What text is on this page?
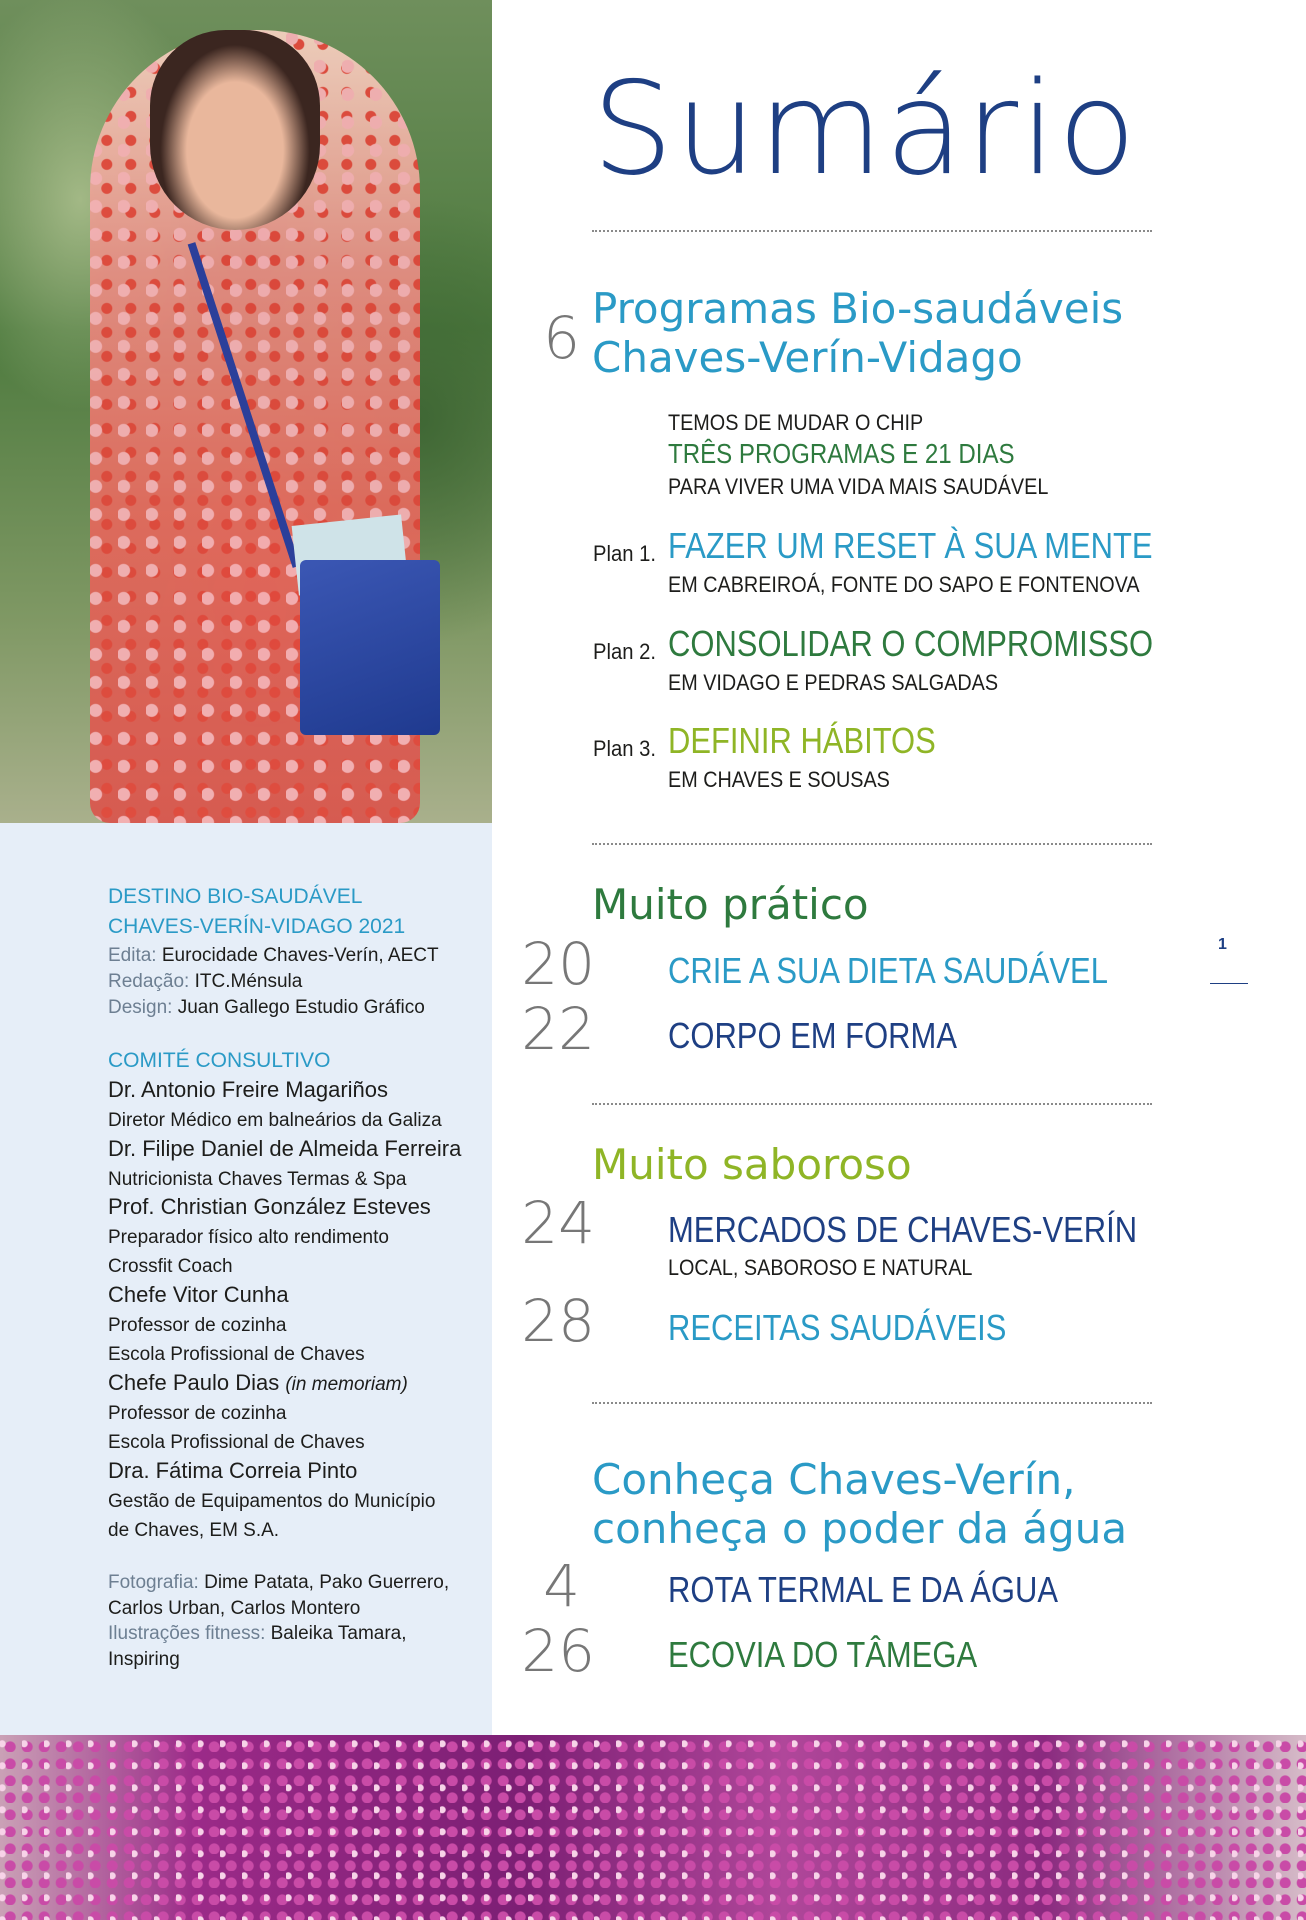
DESTINO BIO-SAUDÁVEL
CHAVES-VERÍN-VIDAGO 2021
Edita: Eurocidade Chaves-Verín, AECT
Redação: ITC.Ménsula
Design: Juan Gallego Estudio Gráfico
COMITÉ CONSULTIVO
Dr. Antonio Freire Magariños
Diretor Médico em balneários da Galiza
Dr. Filipe Daniel de Almeida Ferreira
Nutricionista Chaves Termas & Spa
Prof. Christian González Esteves
Preparador físico alto rendimento
Crossfit Coach
Chefe Vitor Cunha
Professor de cozinha
Escola Profissional de Chaves
Chefe Paulo Dias (in memoriam)
Professor de cozinha
Escola Profissional de Chaves
Dra. Fátima Correia Pinto
Gestão de Equipamentos do Município
de Chaves, EM S.A.
Fotografia: Dime Patata, Pako Guerrero,
Carlos Urban, Carlos Montero
Ilustrações fitness: Baleika Tamara,
Inspiring
Sumário
6 Programas Bio-saudáveis
Chaves-Verín-Vidago
TEMOS DE MUDAR O CHIP
TRÊS PROGRAMAS E 21 DIAS
PARA VIVER UMA VIDA MAIS SAUDÁVEL
Plan 1. FAZER UM RESET À SUA MENTE
EM CABREIROÁ, FONTE DO SAPO E FONTENOVA
Plan 2. CONSOLIDAR O COMPROMISSO
EM VIDAGO E PEDRAS SALGADAS
Plan 3. DEFINIR HÁBITOS
EM CHAVES E SOUSAS
Muito prático
20 CRIE A SUA DIETA SAUDÁVEL
22 CORPO EM FORMA
Muito saboroso
24 MERCADOS DE CHAVES-VERÍN
LOCAL, SABOROSO E NATURAL
28 RECEITAS SAUDÁVEIS
Conheça Chaves-Verín,
conheça o poder da água
4 ROTA TERMAL E DA ÁGUA
26 ECOVIA DO TÂMEGA
1
